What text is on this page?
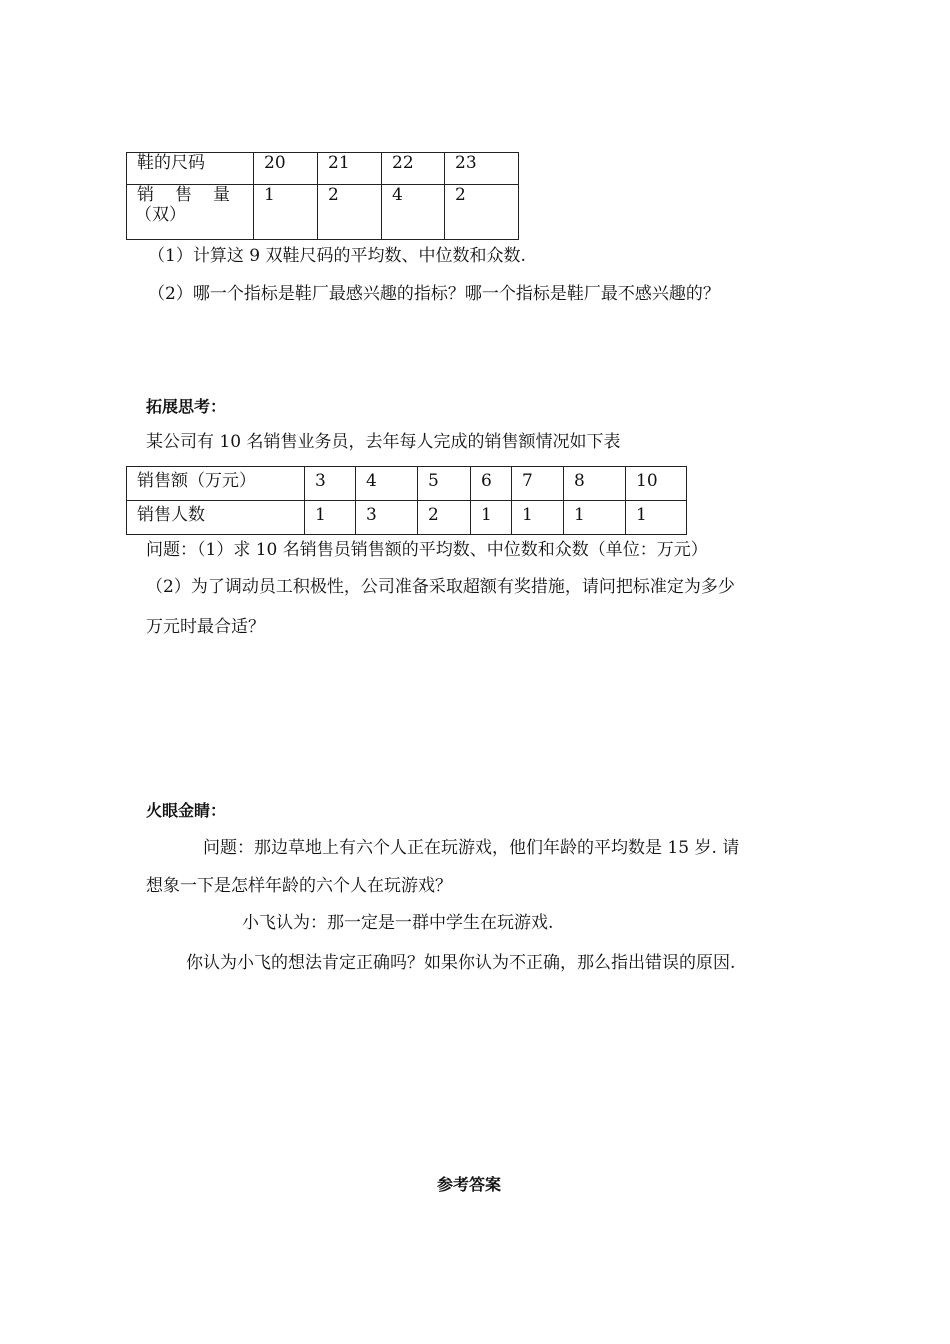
鞋的尺码	20	21	22	23

销　售　量
（双）	1	2	4	2
（1）计算这 9 双鞋尺码的平均数、中位数和众数.
（2）哪一个指标是鞋厂最感兴趣的指标？哪一个指标是鞋厂最不感兴趣的？
拓展思考：
某公司有 10 名销售业务员，去年每人完成的销售额情况如下表
销售额（万元）	3	4	5	6	7	8	10
销售人数	1	3	2	1	1	1	1
问题：（1）求 10 名销售员销售额的平均数、中位数和众数（单位：万元）
（2）为了调动员工积极性，公司准备采取超额有奖措施，请问把标准定为多少
万元时最合适？
火眼金睛：
问题：那边草地上有六个人正在玩游戏，他们年龄的平均数是 15 岁. 请
想象一下是怎样年龄的六个人在玩游戏？
小飞认为：那一定是一群中学生在玩游戏.
你认为小飞的想法肯定正确吗？如果你认为不正确，那么指出错误的原因.
参考答案
